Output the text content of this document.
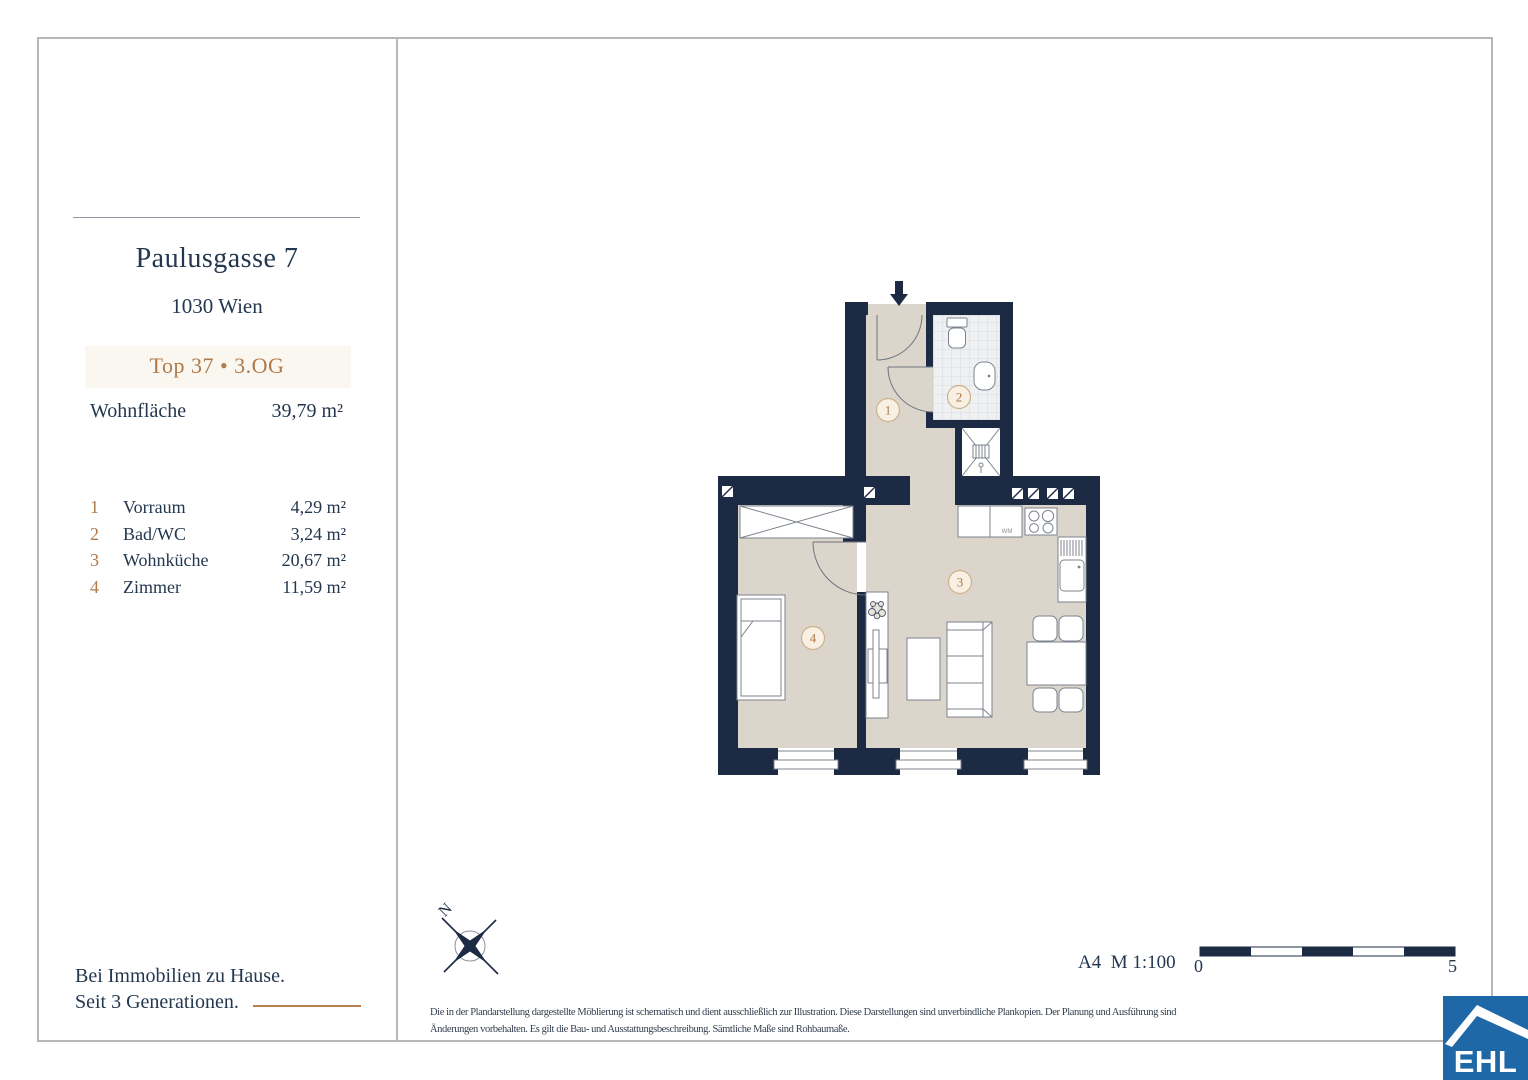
Paulusgasse 7
1030 Wien
Top 37 • 3.OG
Wohnfläche	39,79 m²
1	Vorraum	4,29 m²
2	Bad/WC	3,24 m²
3	Wohnküche	20,67 m²
4	Zimmer	11,59 m²
Bei Immobilien zu Hause.
Seit 3 Generationen.
WM
1
2
3
4
N
A4  M 1:100 0	5
Die in der Plandarstellung dargestellte Möblierung ist schematisch und dient ausschließlich zur Illustration. Diese Darstellungen sind unverbindliche Plankopien. Der Planung und Ausführung sind
Änderungen vorbehalten. Es gilt die Bau- und Ausstattungsbeschreibung. Sämtliche Maße sind Rohbaumaße.
EHL
